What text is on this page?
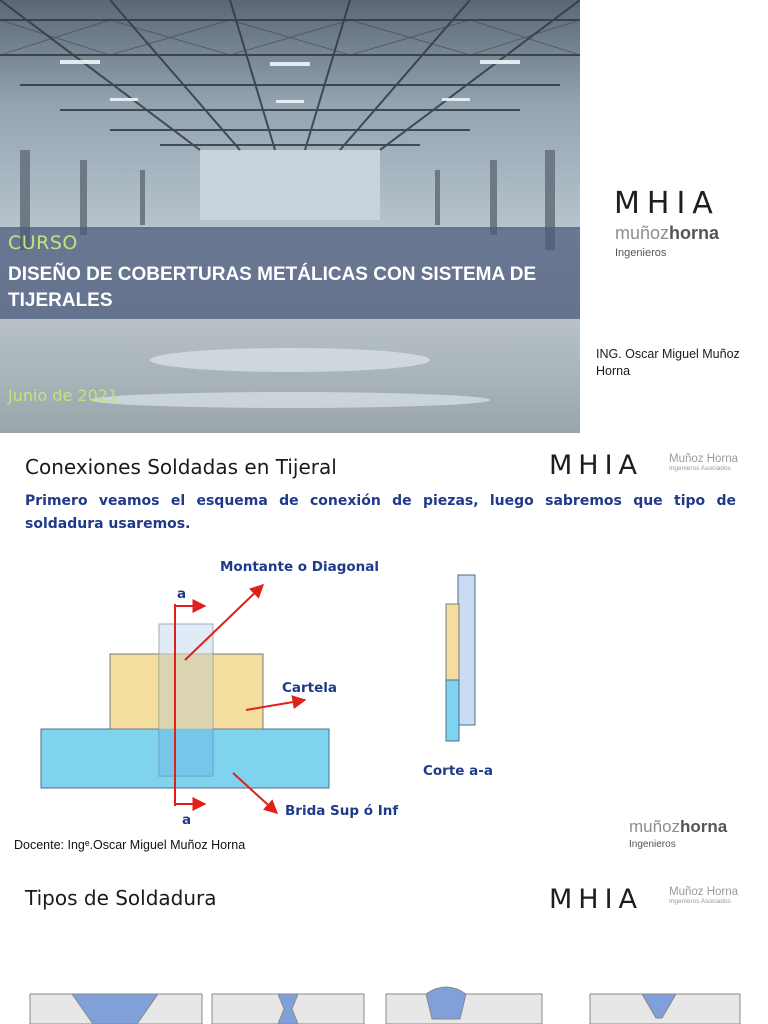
CURSO
DISEÑO DE COBERTURAS METÁLICAS CON SISTEMA DE TIJERALES
Junio de 2021
MHIA
muñozhorna
Ingenieros
ING. Oscar Miguel Muñoz Horna
Conexiones Soldadas en Tijeral	MHIA Muñoz Horna
Ingenieros Asociados
Primero veamos el esquema de conexión de piezas, luego sabremos que tipo de soldadura usaremos.
Montante o Diagonal
a
Cartela
Brida Sup ó Inf
Corte a-a
a
Docente: Ingᵉ.Oscar Miguel Muñoz Horna
muñozhorna
Ingenieros
Tipos de Soldadura	MHIA Muñoz Horna
Ingenieros Asociados
